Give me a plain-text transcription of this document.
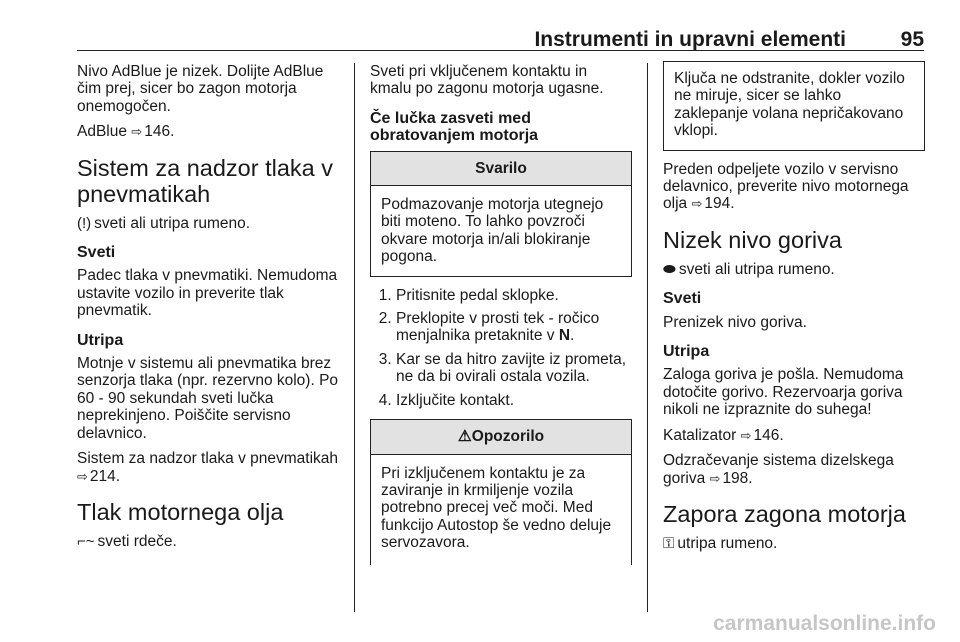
Instrumenti in upravni elementi	95

Nivo AdBlue je nizek. Dolijte AdBlue čim prej, sicer bo zagon motorja onemogočen.

AdBlue ⇨ 146.

Sistem za nadzor tlaka v pnevmatikah

(!) sveti ali utripa rumeno.

Sveti

Padec tlaka v pnevmatiki. Nemudoma ustavite vozilo in preverite tlak pnevmatik.

Utripa

Motnje v sistemu ali pnevmatika brez senzorja tlaka (npr. rezervno kolo). Po 60 - 90 sekundah sveti lučka neprekinjeno. Poiščite servisno delavnico.

Sistem za nadzor tlaka v pnevmatikah ⇨ 214.

Tlak motornega olja

⌐~ sveti rdeče.

Sveti pri vključenem kontaktu in kmalu po zagonu motorja ugasne.

Če lučka zasveti med obratovanjem motorja
Svarilo
Podmazovanje motorja utegnejo biti moteno. To lahko povzroči okvare motorja in/ali blokiranje pogona.
1. Pritisnite pedal sklopke.
2. Preklopite v prosti tek - ročico menjalnika pretaknite v N.
3. Kar se da hitro zavijte iz prometa, ne da bi ovirali ostala vozila.
4. Izključite kontakt.
⚠Opozorilo
Pri izključenem kontaktu je za zaviranje in krmiljenje vozila potrebno precej več moči. Med funkcijo Autostop še vedno deluje servozavora.
Ključa ne odstranite, dokler vozilo ne miruje, sicer se lahko zaklepanje volana nepričakovano vklopi.

Preden odpeljete vozilo v servisno delavnico, preverite nivo motornega olja ⇨ 194.

Nizek nivo goriva

⬬ sveti ali utripa rumeno.

Sveti

Prenizek nivo goriva.

Utripa

Zaloga goriva je pošla. Nemudoma dotočite gorivo. Rezervoarja goriva nikoli ne izpraznite do suhega!

Katalizator ⇨ 146.

Odzračevanje sistema dizelskega goriva ⇨ 198.

Zapora zagona motorja

⚿ utripa rumeno.

carmanualsonline.info
